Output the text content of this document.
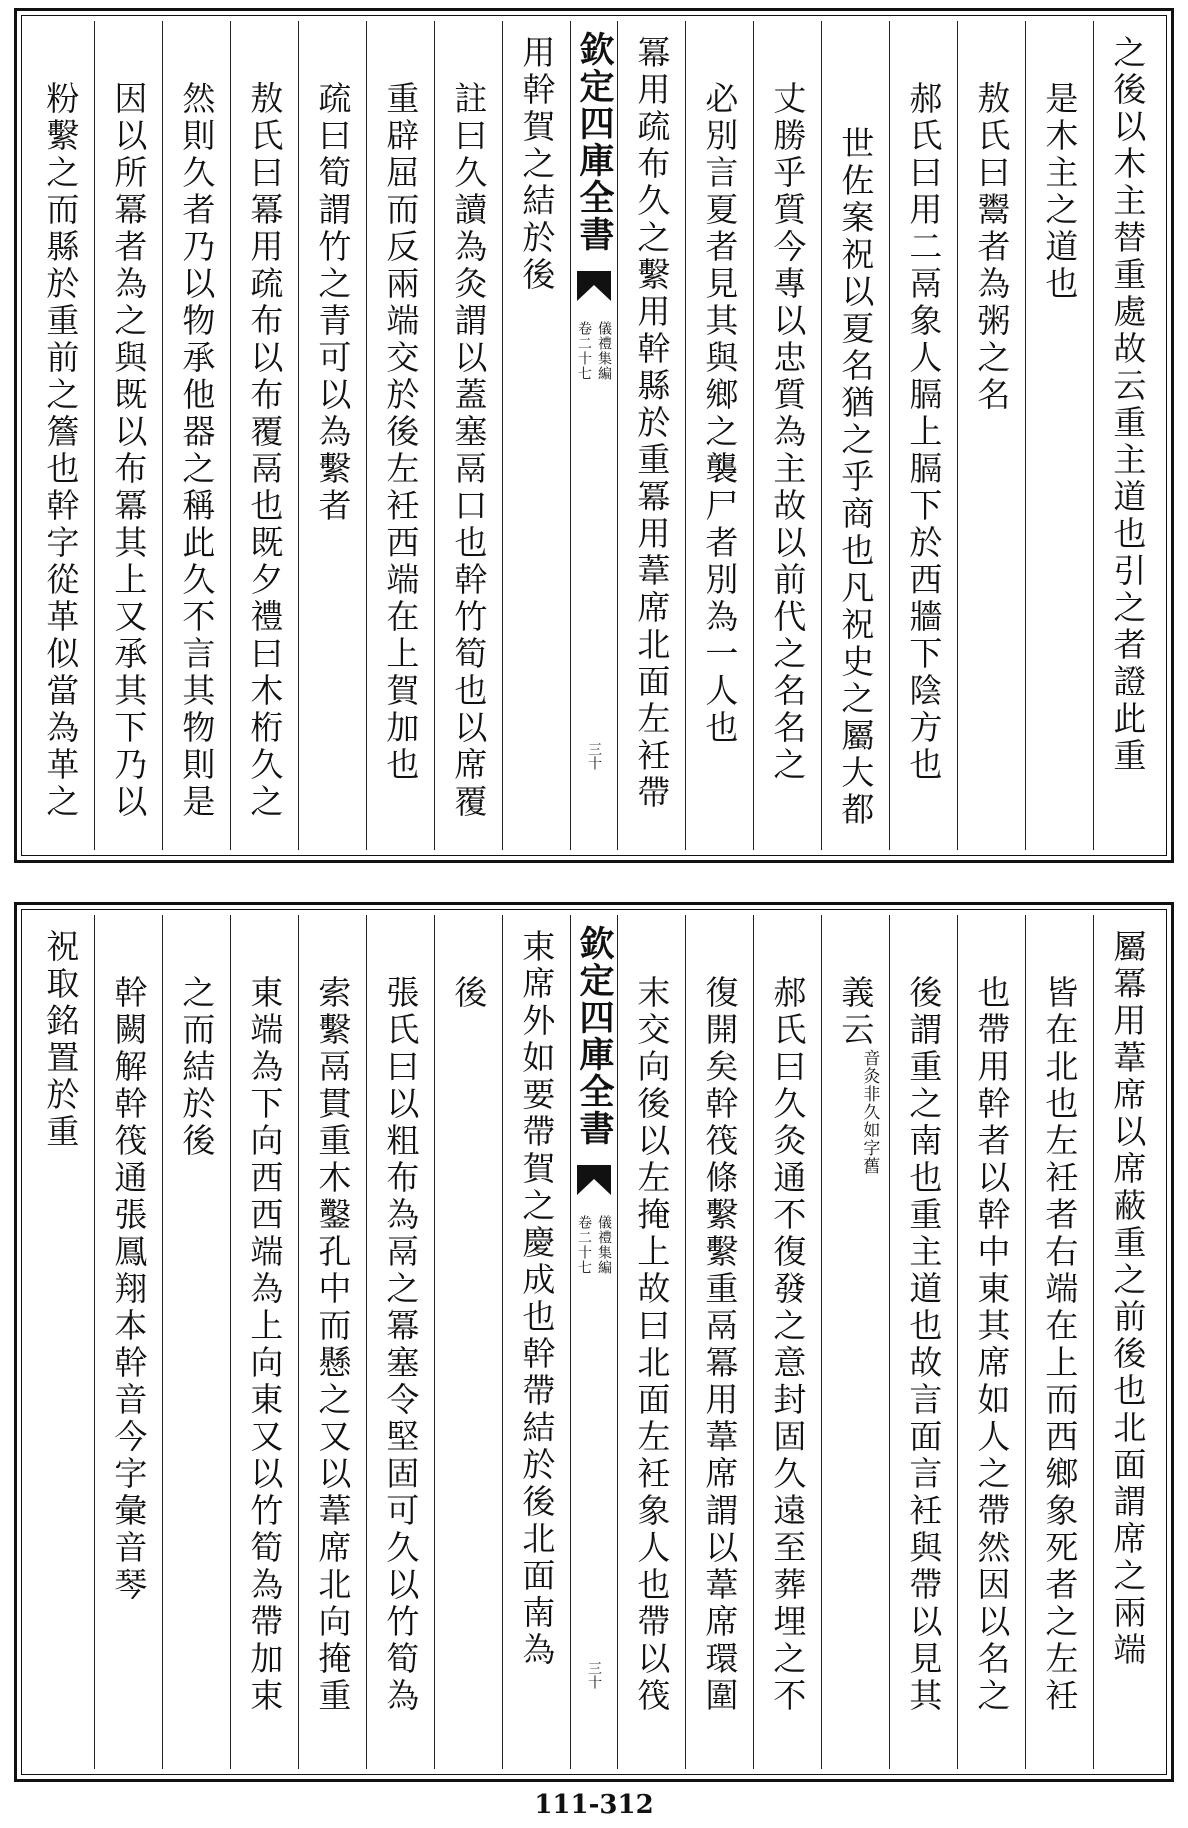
之後以木主替重處故云重主道也引之者證此重
是木主之道也
敖氏曰鬻者為粥之名
郝氏曰用二鬲象人膈上膈下於西牆下陰方也
世佐案祝以夏名猶之乎商也凡祝史之屬大都
丈勝乎質今專以忠質為主故以前代之名名之
必別言夏者見其與鄉之襲尸者別為一人也
冪用疏布久之繫用幹縣於重冪用葦席北面左衽帶
欽定四庫全書
儀禮集編
卷二十七
三十
用幹賀之結於後
註曰久讀為灸謂以蓋塞鬲口也幹竹筍也以席覆
重辟屈而反兩端交於後左衽西端在上賀加也
疏曰筍謂竹之青可以為繫者
敖氏曰冪用疏布以布覆鬲也既夕禮曰木桁久之
然則久者乃以物承他器之稱此久不言其物則是
因以所冪者為之與既以布冪其上又承其下乃以
粉繫之而縣於重前之簷也幹字從革似當為革之
屬冪用葦席以席蔽重之前後也北面謂席之兩端
皆在北也左衽者右端在上而西鄉象死者之左衽
也帶用幹者以幹中東其席如人之帶然因以名之
後謂重之南也重主道也故言面言衽與帶以見其
義云
久如字舊
音灸非
郝氏曰久灸通不復發之意封固久遠至葬埋之不
復開矣幹筏條繫繫重鬲冪用葦席謂以葦席環圍
末交向後以左掩上故曰北面左衽象人也帶以筏
欽定四庫全書
儀禮集編
卷二十七
三十
束席外如要帶賀之慶成也幹帶結於後北面南為
後
張氏曰以粗布為鬲之冪塞令堅固可久以竹筍為
索繫鬲貫重木鑿孔中而懸之又以葦席北向掩重
東端為下向西西端為上向東又以竹筍為帶加束
之而結於後
幹闕解幹筏通張鳳翔本幹音今字彙音琴
祝取銘置於重
111-312
